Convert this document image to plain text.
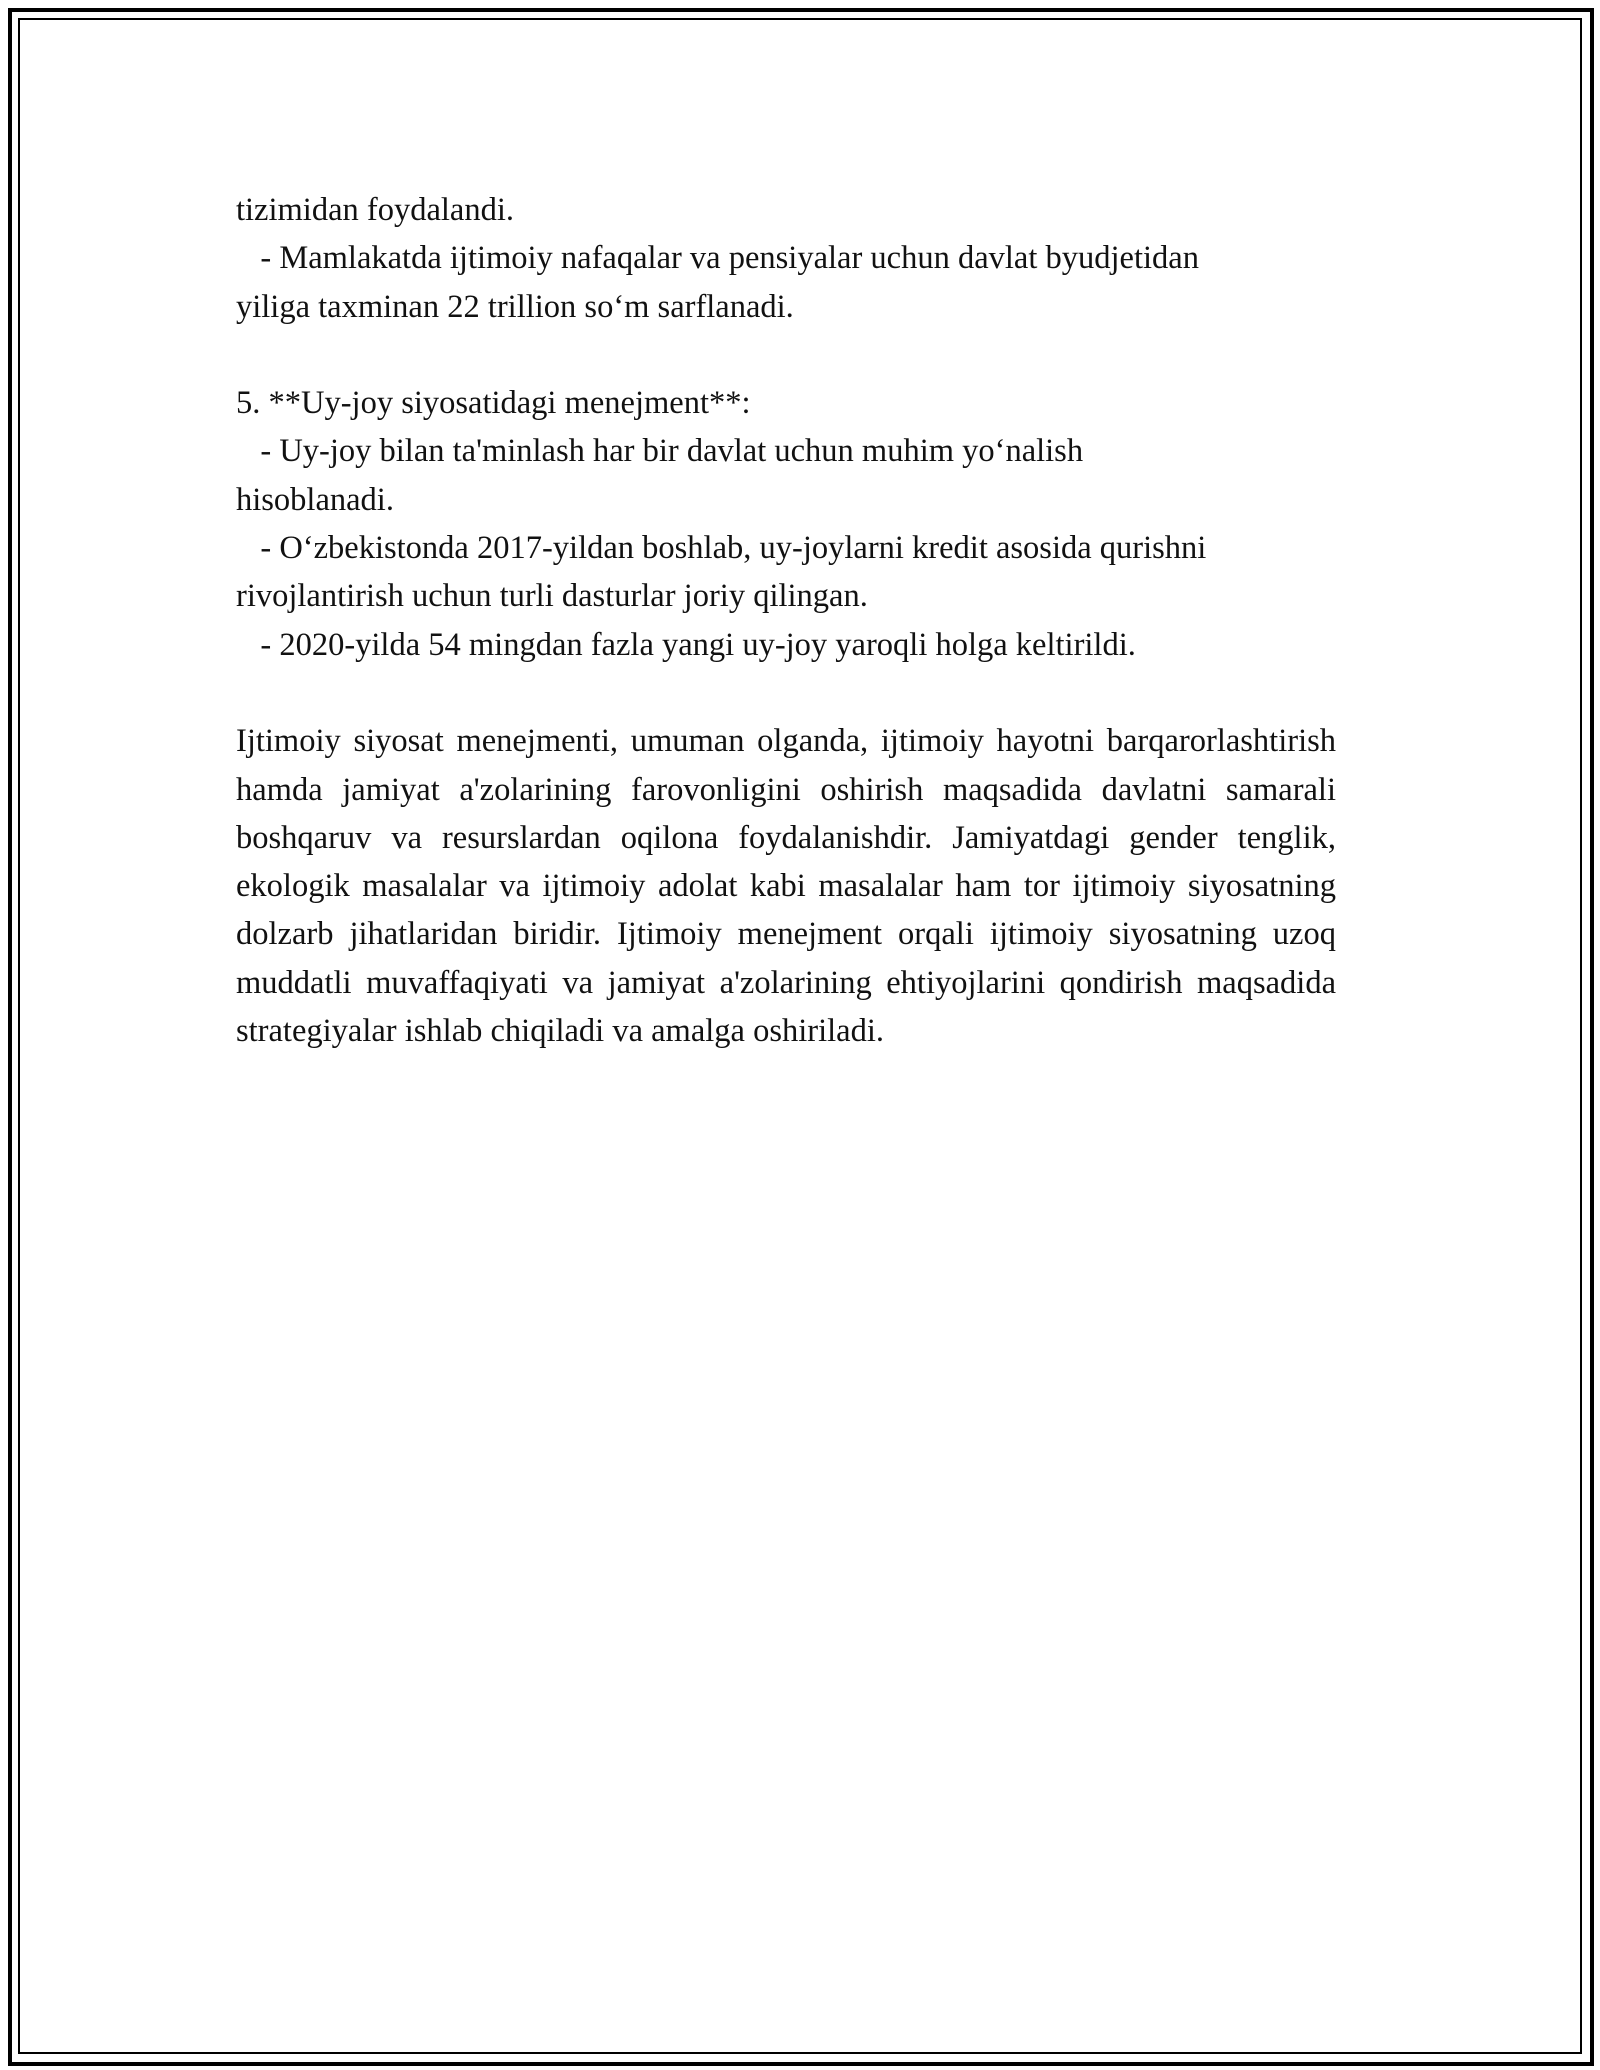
tizimidan foydalandi.
- Mamlakatda ijtimoiy nafaqalar va pensiyalar uchun davlat byudjetidan
yiliga taxminan 22 trillion so‘m sarflanadi.
5. **Uy-joy siyosatidagi menejment**:
- Uy-joy bilan ta'minlash har bir davlat uchun muhim yo‘nalish
hisoblanadi.
- O‘zbekistonda 2017-yildan boshlab, uy-joylarni kredit asosida qurishni
rivojlantirish uchun turli dasturlar joriy qilingan.
- 2020-yilda 54 mingdan fazla yangi uy-joy yaroqli holga keltirildi.
Ijtimoiy siyosat menejmenti, umuman olganda, ijtimoiy hayotni barqarorlashtirish hamda jamiyat a'zolarining farovonligini oshirish maqsadida davlatni samarali boshqaruv va resurslardan oqilona foydalanishdir. Jamiyatdagi gender tenglik, ekologik masalalar va ijtimoiy adolat kabi masalalar ham tor ijtimoiy siyosatning dolzarb jihatlaridan biridir. Ijtimoiy menejment orqali ijtimoiy siyosatning uzoq muddatli muvaffaqiyati va jamiyat a'zolarining ehtiyojlarini qondirish maqsadida strategiyalar ishlab chiqiladi va amalga oshiriladi.
